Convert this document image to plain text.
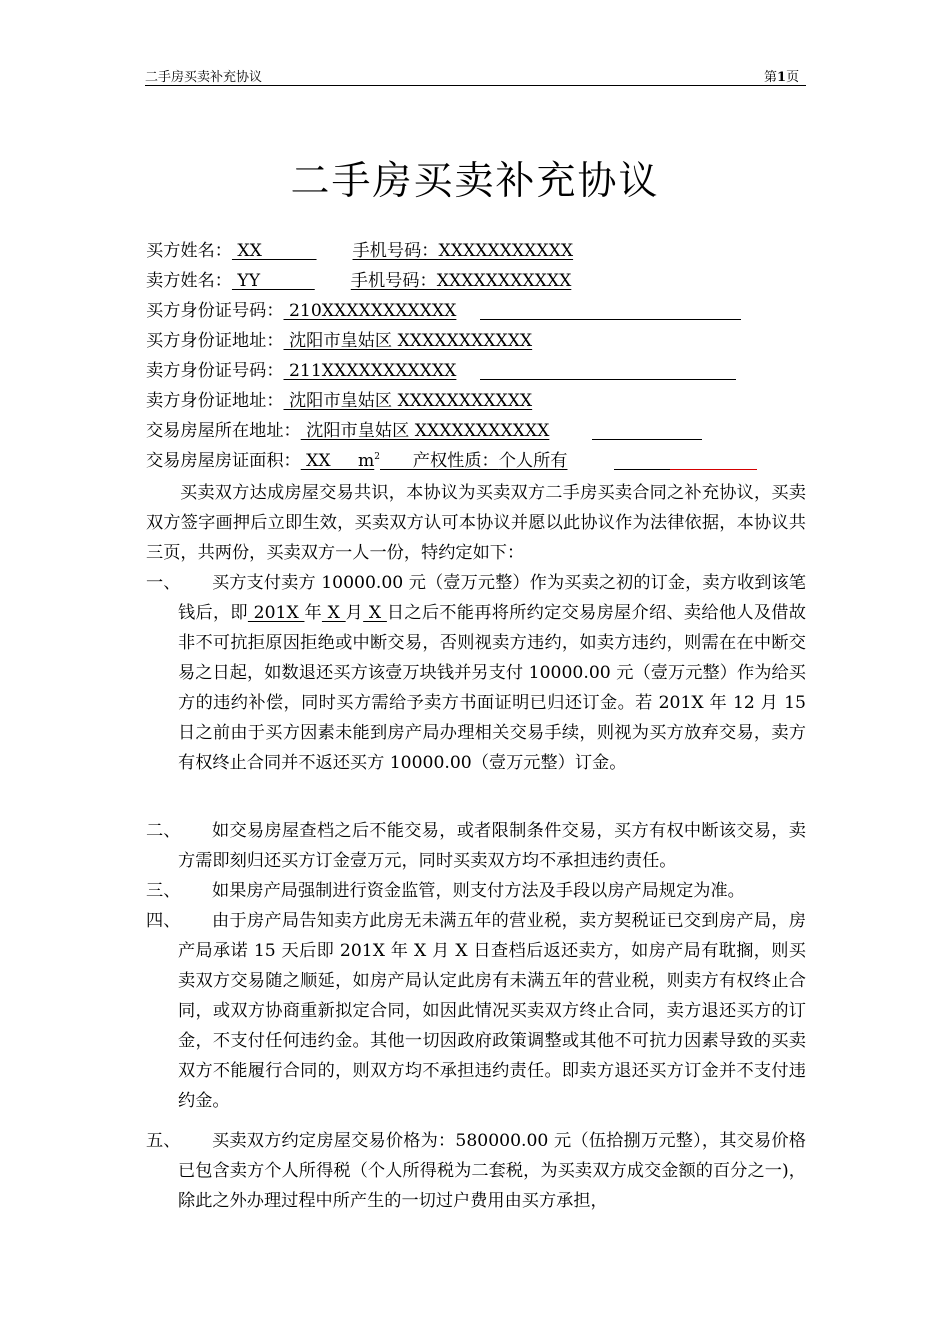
二手房买卖补充协议	第1页
二手房买卖补充协议
买方姓名： XX          手机号码：XXXXXXXXXXX
卖方姓名： YY          手机号码：XXXXXXXXXXX
买方身份证号码： 210XXXXXXXXXXX
买方身份证地址： 沈阳市皇姑区 XXXXXXXXXXX
卖方身份证号码： 211XXXXXXXXXXX
卖方身份证地址： 沈阳市皇姑区 XXXXXXXXXXX
交易房屋所在地址： 沈阳市皇姑区 XXXXXXXXXXX
交易房屋房证面积： XX     $m^2$      产权性质：个人所有
买卖双方达成房屋交易共识，本协议为买卖双方二手房买卖合同之补充协议，买卖双方签字画押后立即生效，买卖双方认可本协议并愿以此协议作为法律依据，本协议共三页，共两份，买卖双方一人一份，特约定如下：
一、	买方支付卖方 10000.00 元（壹万元整）作为买卖之初的订金，卖方收到该笔钱后，即 201X 年 X 月 X 日之后不能再将所约定交易房屋介绍、卖给他人及借故非不可抗拒原因拒绝或中断交易，否则视卖方违约，如卖方违约，则需在在中断交易之日起，如数退还买方该壹万块钱并另支付 10000.00 元（壹万元整）作为给买方的违约补偿，同时买方需给予卖方书面证明已归还订金。若 201X 年 12 月 15 日之前由于买方因素未能到房产局办理相关交易手续，则视为买方放弃交易，卖方有权终止合同并不返还买方 10000.00（壹万元整）订金。
二、	如交易房屋查档之后不能交易，或者限制条件交易，买方有权中断该交易，卖方需即刻归还买方订金壹万元，同时买卖双方均不承担违约责任。
三、	如果房产局强制进行资金监管，则支付方法及手段以房产局规定为准。
四、	由于房产局告知卖方此房无未满五年的营业税，卖方契税证已交到房产局，房产局承诺 15 天后即 201X 年 X 月 X 日查档后返还卖方，如房产局有耽搁，则买卖双方交易随之顺延，如房产局认定此房有未满五年的营业税，则卖方有权终止合同，或双方协商重新拟定合同，如因此情况买卖双方终止合同，卖方退还买方的订金，不支付任何违约金。其他一切因政府政策调整或其他不可抗力因素导致的买卖双方不能履行合同的，则双方均不承担违约责任。即卖方退还买方订金并不支付违约金。
五、	买卖双方约定房屋交易价格为：580000.00 元（伍拾捌万元整），其交易价格已包含卖方个人所得税（个人所得税为二套税，为买卖双方成交金额的百分之一)，除此之外办理过程中所产生的一切过户费用由买方承担，
